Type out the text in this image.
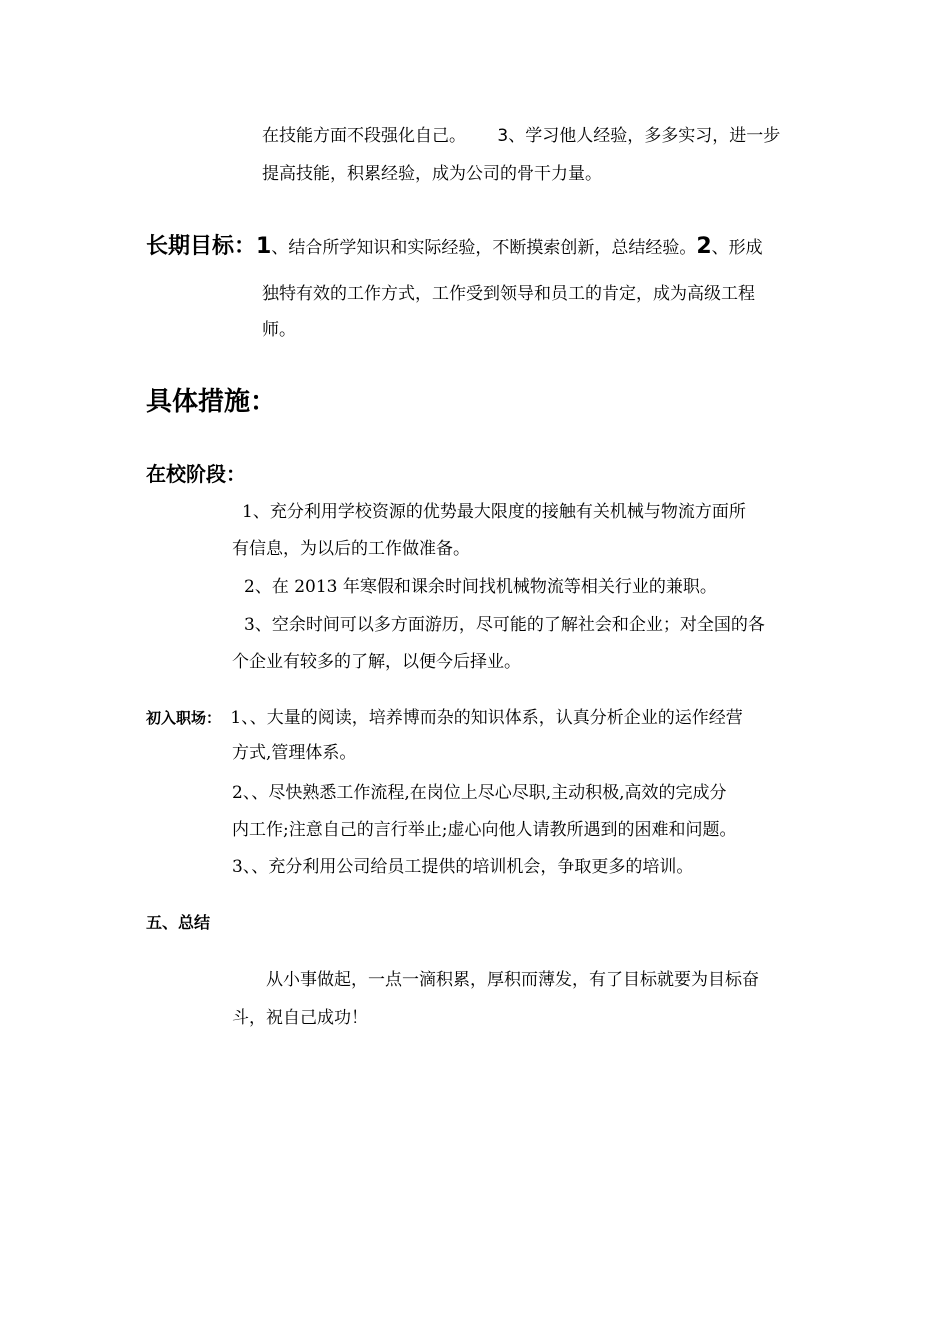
在技能方面不段强化自己。 3、学习他人经验，多多实习，进一步
提高技能，积累经验，成为公司的骨干力量。
长期目标：1、结合所学知识和实际经验，不断摸索创新，总结经验。2、形成
独特有效的工作方式，工作受到领导和员工的肯定，成为高级工程
师。
具体措施：
在校阶段：
1、充分利用学校资源的优势最大限度的接触有关机械与物流方面所
有信息，为以后的工作做准备。
2、在 2013 年寒假和课余时间找机械物流等相关行业的兼职。
3、空余时间可以多方面游历，尽可能的了解社会和企业；对全国的各
个企业有较多的了解，以便今后择业。
初入职场： 1、、大量的阅读，培养博而杂的知识体系，认真分析企业的运作经营
方式,管理体系。
2、、尽快熟悉工作流程,在岗位上尽心尽职,主动积极,高效的完成分
内工作;注意自己的言行举止;虚心向他人请教所遇到的困难和问题。
3、、充分利用公司给员工提供的培训机会，争取更多的培训。
五、总结
从小事做起，一点一滴积累，厚积而薄发，有了目标就要为目标奋
斗，祝自己成功！
